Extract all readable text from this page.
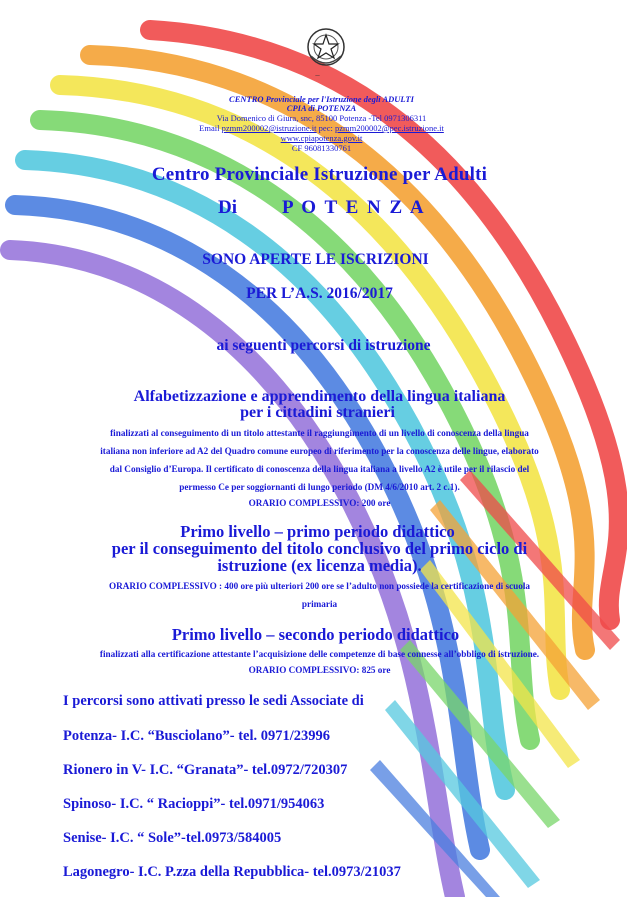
_
CENTRO Provinciale per l'Istruzione degli ADULTI
CPIA di POTENZA
Via Domenico di Giura, snc, 85100 Potenza -Tel 0971306311
Email pzmm200002@istruzione.it pec: pzmm200002@pec.istruzione.it
www.cpiapotenza.gov.it
CF 96081330761
Centro Provinciale Istruzione per Adulti
Di P O T E N Z A
SONO APERTE LE ISCRIZIONI
PER L’A.S. 2016/2017
ai seguenti percorsi di istruzione
Alfabetizzazione e apprendimento della lingua italiana
per i cittadini stranieri
finalizzati al conseguimento di un titolo attestante il raggiungimento di un livello di conoscenza della lingua
italiana non inferiore ad A2 del Quadro comune europeo di riferimento per la conoscenza delle lingue, elaborato
dal Consiglio d’Europa. Il certificato di conoscenza della lingua italiana a livello A2 è utile per il rilascio del
permesso Ce per soggiornanti di lungo periodo (DM 4/6/2010 art. 2 c.1).
ORARIO COMPLESSIVO: 200 ore
Primo livello – primo periodo didattico
per il conseguimento del titolo conclusivo del primo ciclo di
istruzione (ex licenza media).
ORARIO COMPLESSIVO : 400 ore più ulteriori 200 ore se l’adulto non possiede la certificazione di scuola
primaria
Primo livello – secondo periodo didattico
finalizzati alla certificazione attestante l’acquisizione delle competenze di base connesse all’obbligo di istruzione.
ORARIO COMPLESSIVO: 825 ore
I percorsi sono attivati presso le sedi Associate di
Potenza- I.C. “Busciolano”- tel. 0971/23996
Rionero in V- I.C. “Granata”- tel.0972/720307
Spinoso- I.C. “ Racioppi”- tel.0971/954063
Senise- I.C. “ Sole”-tel.0973/584005
Lagonegro- I.C. P.zza della Repubblica- tel.0973/21037
